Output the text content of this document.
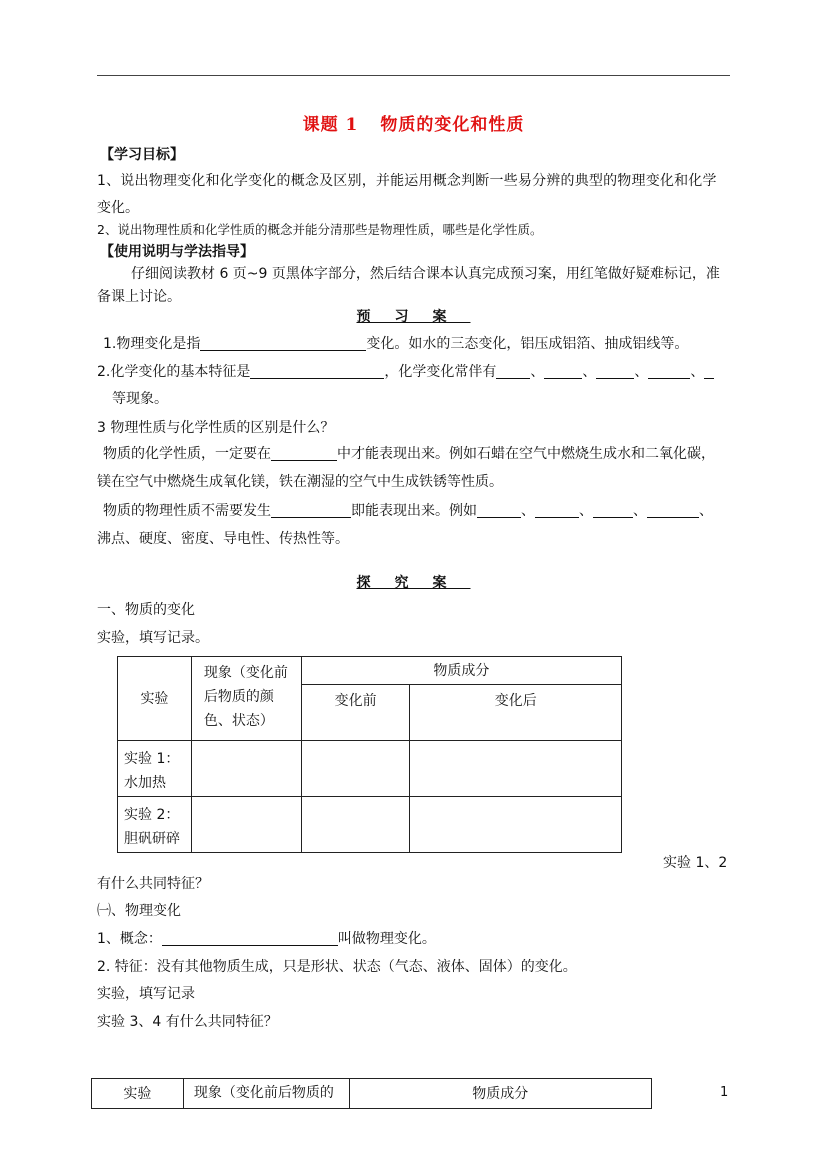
课题 1 物质的变化和性质
【学习目标】
1、说出物理变化和化学变化的概念及区别，并能运用概念判断一些易分辨的典型的物理变化和化学
变化。
2、说出物理性质和化学性质的概念并能分清那些是物理性质，哪些是化学性质。
【使用说明与学法指导】
仔细阅读教材 6 页~9 页黑体字部分，然后结合课本认真完成预习案，用红笔做好疑难标记，准
备课上讨论。
预习案
1.物理变化是指	变化。如水的三态变化，铝压成铝箔、抽成铝线等。
2.化学变化的基本特征是	，化学变化常伴有 、	、	、	、
等现象。
3 物理性质与化学性质的区别是什么？
物质的化学性质，一定要在	中才能表现出来。例如石蜡在空气中燃烧生成水和二氧化碳，
镁在空气中燃烧生成氧化镁，铁在潮湿的空气中生成铁锈等性质。
物质的物理性质不需要发生	即能表现出来。例如	、	、	、	、
沸点、硬度、密度、导电性、传热性等。
探究案
一、物质的变化
实验，填写记录。
实验	现象（变化前后物质的颜色、状态）	物质成分	
		变化前	变化后
实验 1：水加热			
实验 2：胆矾研碎			
实验 1、2
有什么共同特征？
㈠、物理变化
1、概念：	叫做物理变化。
2. 特征：没有其他物质生成，只是形状、状态（气态、液体、固体）的变化。
实验，填写记录
实验 3、4 有什么共同特征？
实验	现象（变化前后物质的	物质成分	1
